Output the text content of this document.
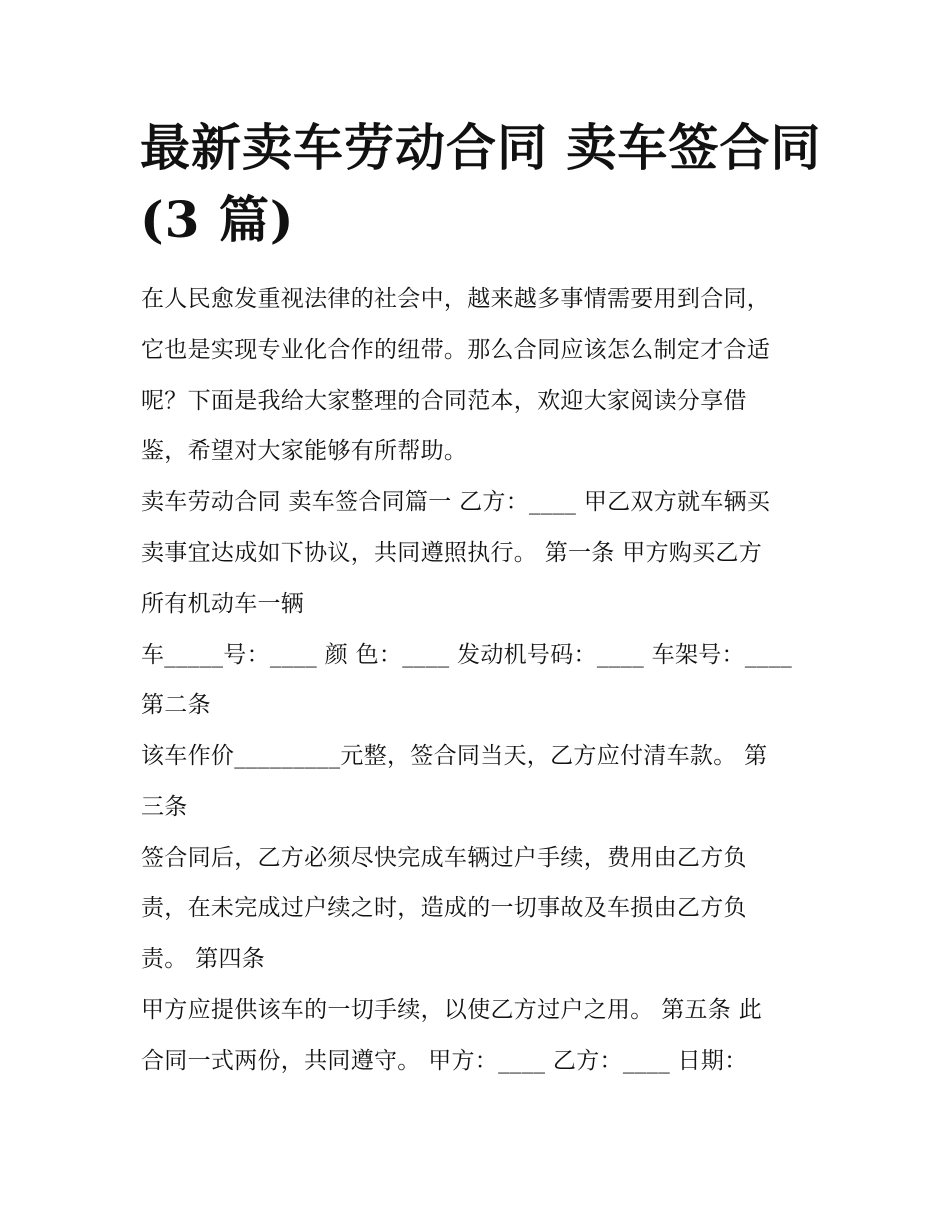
最新卖车劳动合同 卖车签合同
(3 篇)
在人民愈发重视法律的社会中，越来越多事情需要用到合同，
它也是实现专业化合作的纽带。那么合同应该怎么制定才合适
呢？下面是我给大家整理的合同范本，欢迎大家阅读分享借
鉴，希望对大家能够有所帮助。
卖车劳动合同 卖车签合同篇一 乙方：____ 甲乙双方就车辆买
卖事宜达成如下协议，共同遵照执行。 第一条 甲方购买乙方
所有机动车一辆
车_____号：____ 颜 色：____ 发动机号码：____ 车架号：____
第二条
该车作价_________元整，签合同当天，乙方应付清车款。 第
三条
签合同后，乙方必须尽快完成车辆过户手续，费用由乙方负
责，在未完成过户续之时，造成的一切事故及车损由乙方负
责。 第四条
甲方应提供该车的一切手续，以使乙方过户之用。 第五条 此
合同一式两份，共同遵守。 甲方：____ 乙方：____ 日期：
